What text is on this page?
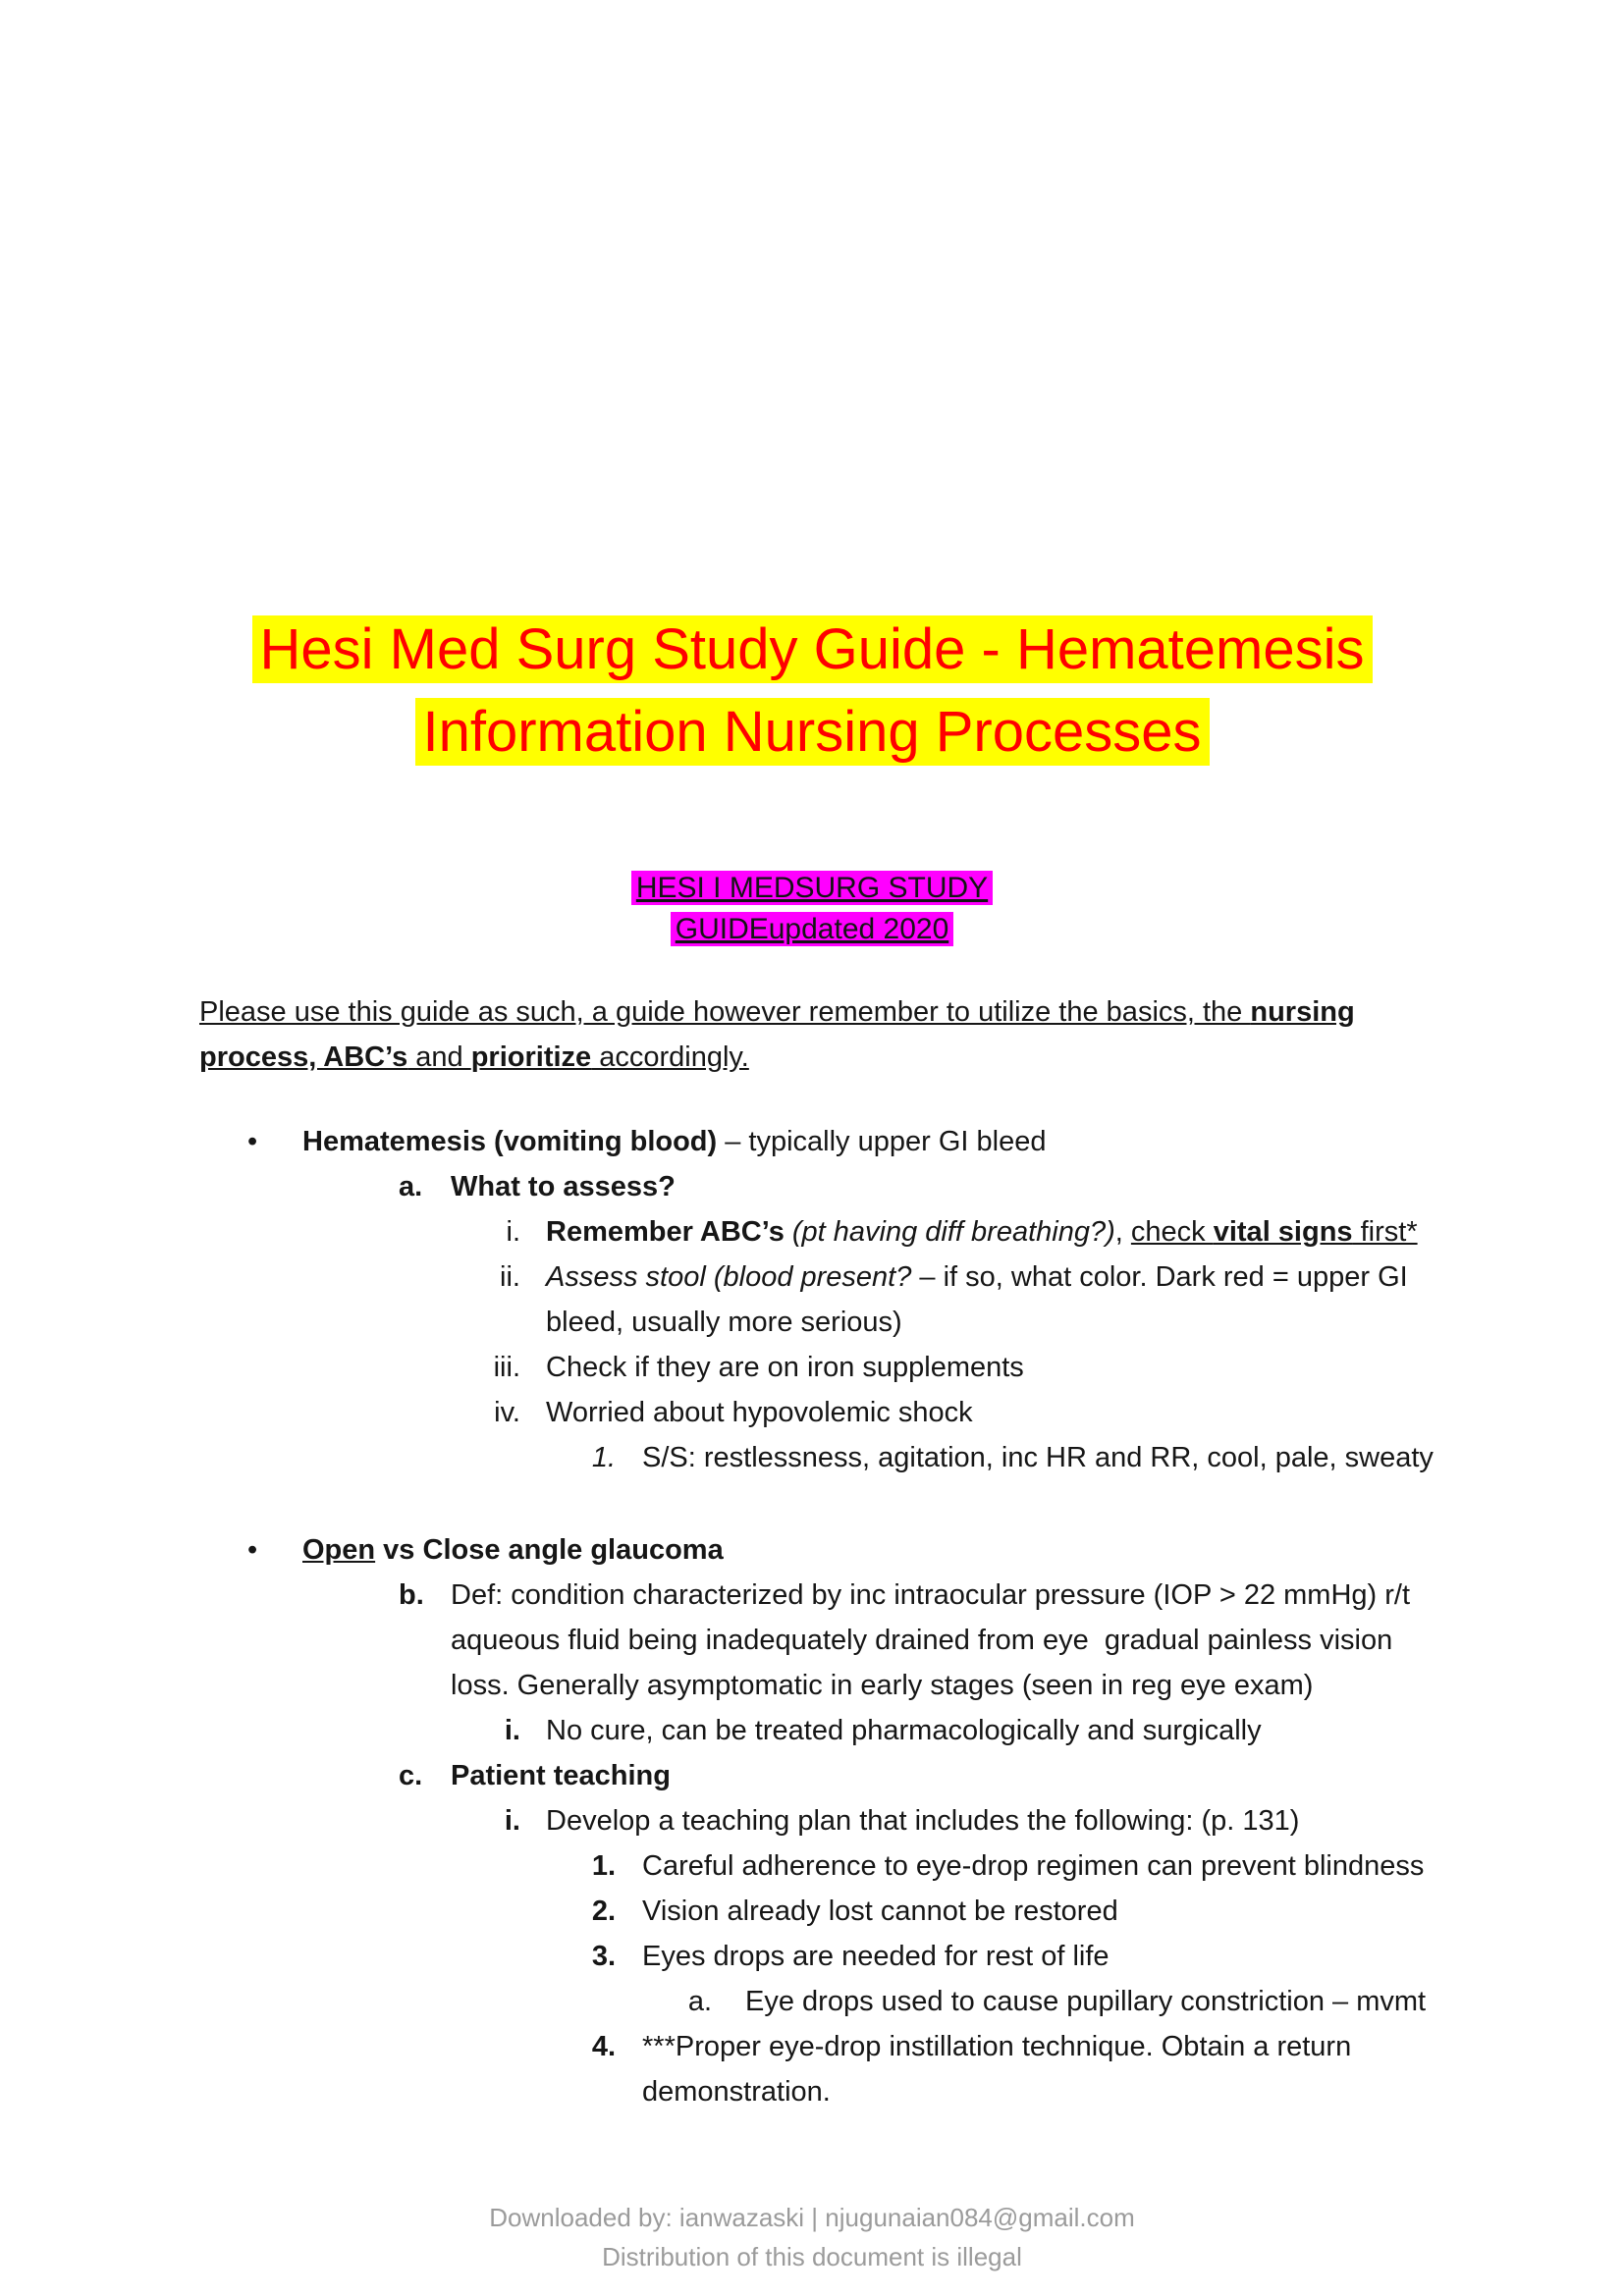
Hesi Med Surg Study Guide - Hematemesis
Information Nursing Processes
HESI I MEDSURG STUDY
GUIDEupdated 2020

Please use this guide as such, a guide however remember to utilize the basics, the nursing
process, ABC’s and prioritize accordingly.

•	Hematemesis (vomiting blood) – typically upper GI bleed
a. What to assess?
i. Remember ABC’s (pt having diff breathing?), check vital signs first*
ii. Assess stool (blood present? – if so, what color. Dark red = upper GI bleed, usually more serious)
iii. Check if they are on iron supplements
iv. Worried about hypovolemic shock
1. S/S: restlessness, agitation, inc HR and RR, cool, pale, sweaty
•	Open vs Close angle glaucoma
b. Def: condition characterized by inc intraocular pressure (IOP > 22 mmHg) r/t aqueous fluid being inadequately drained from eye  gradual painless vision loss. Generally asymptomatic in early stages (seen in reg eye exam)
i. No cure, can be treated pharmacologically and surgically
c. Patient teaching
i. Develop a teaching plan that includes the following: (p. 131)
1. Careful adherence to eye-drop regimen can prevent blindness
2. Vision already lost cannot be restored
3. Eyes drops are needed for rest of life
a. Eye drops used to cause pupillary constriction – mvmt
4. ***Proper eye-drop instillation technique. Obtain a return demonstration.
Downloaded by: ianwazaski | njugunaian084@gmail.com
Distribution of this document is illegal
